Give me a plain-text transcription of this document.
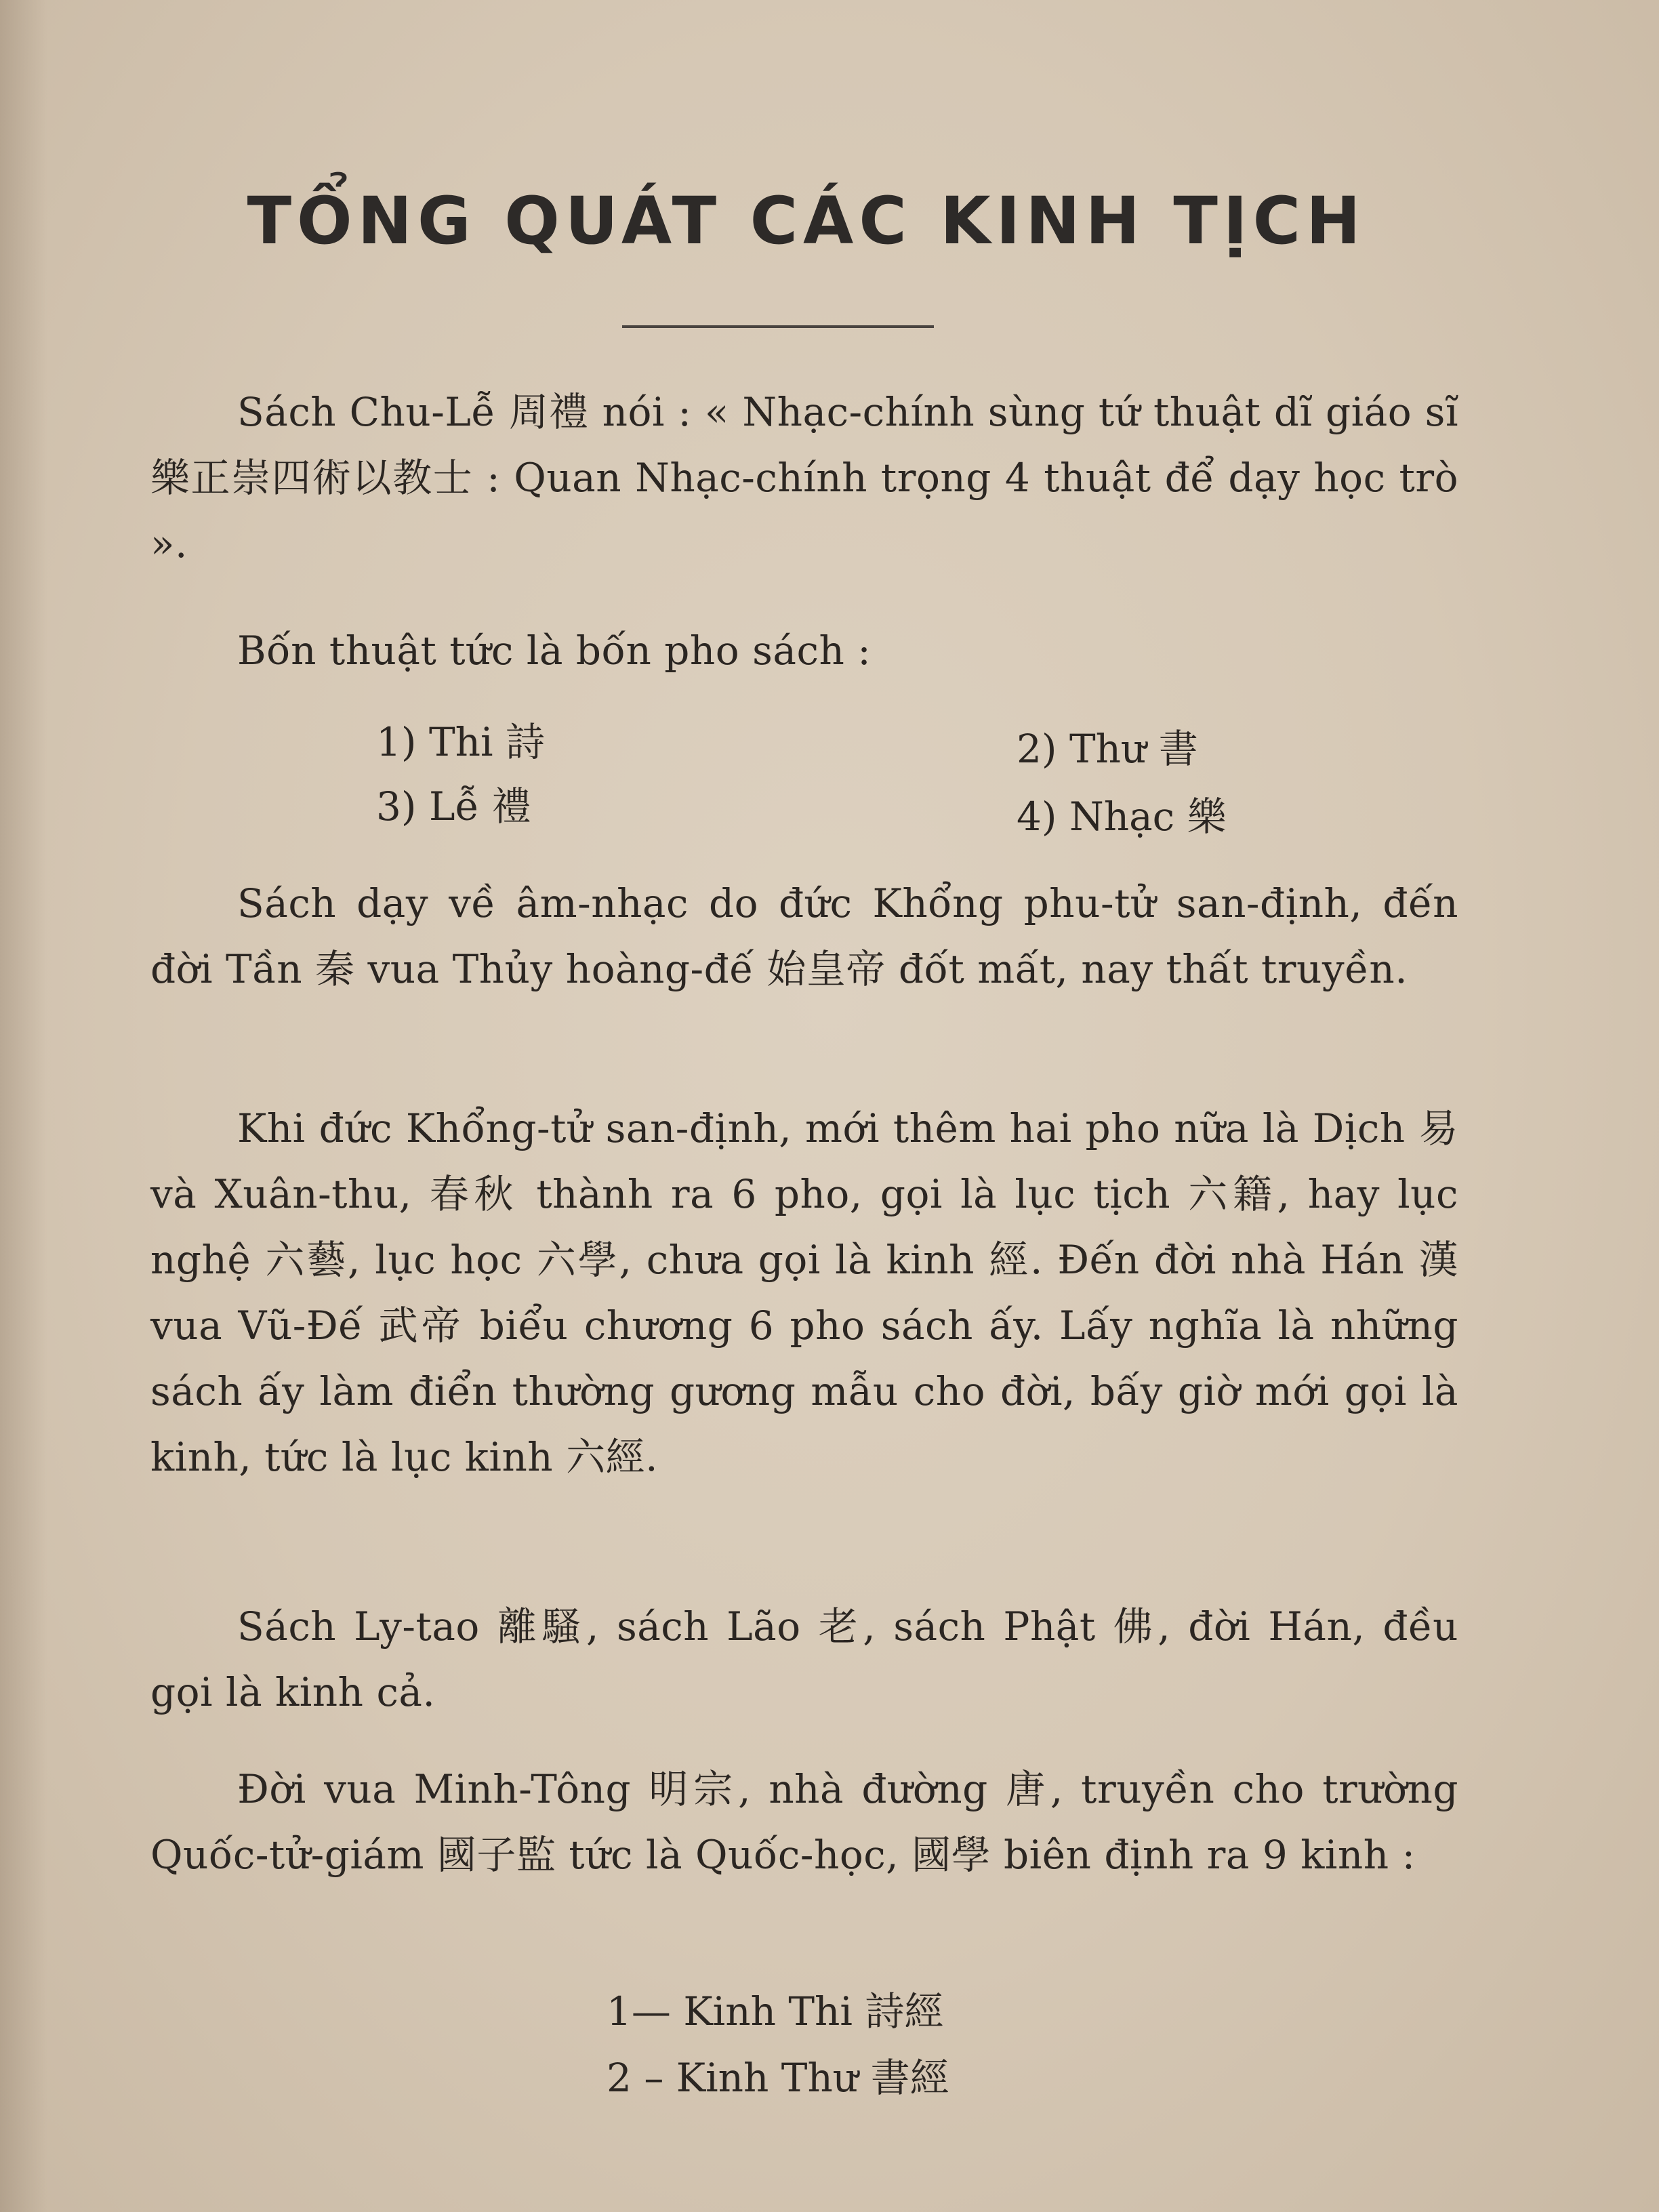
TỔNG QUÁT CÁC KINH TỊCH
Sách Chu-Lễ 周禮 nói : « Nhạc-chính sùng tứ thuật dĩ giáo sĩ 樂正崇四術以教士 : Quan Nhạc-chính trọng 4 thuật để dạy học trò ».
Bốn thuật tức là bốn pho sách :
1) Thi 詩	2) Thư 書
3) Lễ 禮	4) Nhạc 樂
Sách dạy về âm-nhạc do đức Khổng phu-tử san-định, đến đời Tần 秦 vua Thủy hoàng-đế 始皇帝 đốt mất, nay thất truyền.
Khi đức Khổng-tử san-định, mới thêm hai pho nữa là Dịch 易 và Xuân-thu, 春秋 thành ra 6 pho, gọi là lục tịch 六籍, hay lục nghệ 六藝, lục học 六學, chưa gọi là kinh 經. Đến đời nhà Hán 漢 vua Vũ-Đế 武帝 biểu chương 6 pho sách ấy. Lấy nghĩa là những sách ấy làm điển thường gương mẫu cho đời, bấy giờ mới gọi là kinh, tức là lục kinh 六經.
Sách Ly-tao 離騷, sách Lão 老, sách Phật 佛, đời Hán, đều gọi là kinh cả.
Đời vua Minh-Tông 明宗, nhà đường 唐, truyền cho trường Quốc-tử-giám 國子監 tức là Quốc-học, 國學 biên định ra 9 kinh :
1— Kinh Thi 詩經
2 – Kinh Thư 書經
